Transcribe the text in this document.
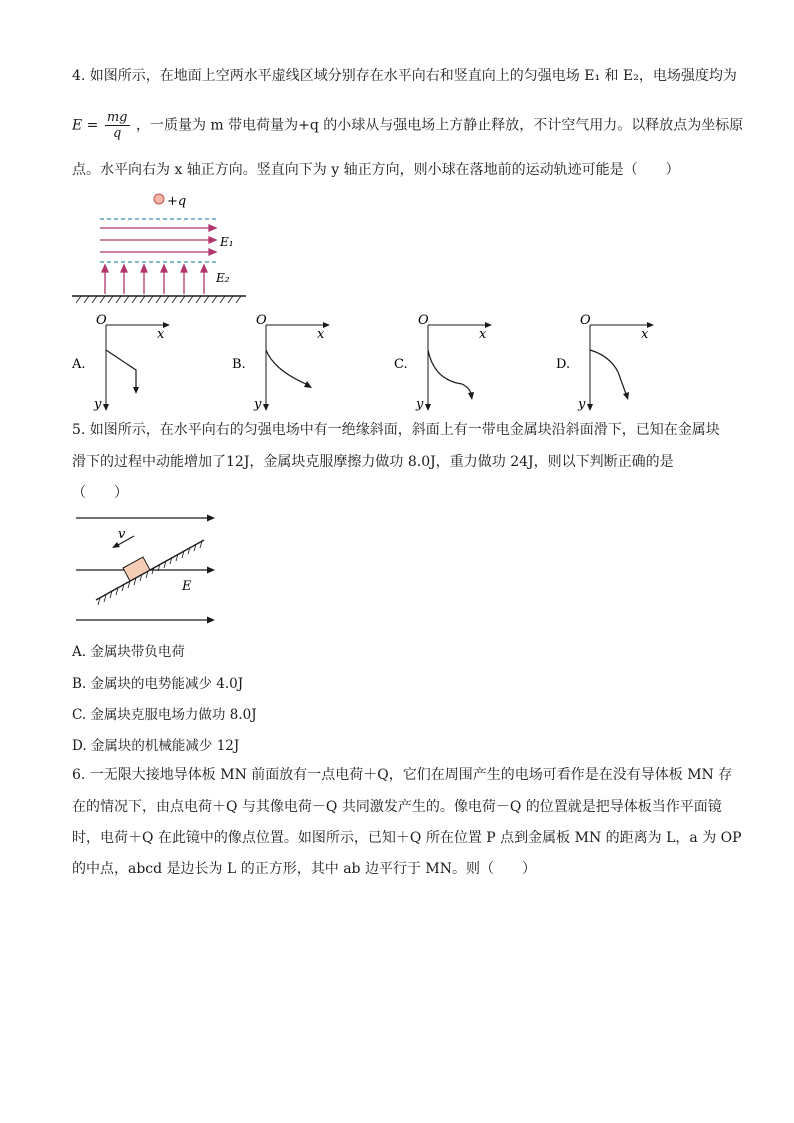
4. 如图所示，在地面上空两水平虚线区域分别存在水平向右和竖直向上的匀强电场 E₁ 和 E₂，电场强度均为
$E = \frac{mg}{q}$ ，一质量为 m 带电荷量为+q 的小球从与强电场上方静止释放，不计空气用力。以释放点为坐标原
点。水平向右为 x 轴正方向。竖直向下为 y 轴正方向，则小球在落地前的运动轨迹可能是（　　）
+q
E₁
E₂
O
x
y
A.
O
x
y
B.
O
x
y
C.
O
x
y
D.
5. 如图所示，在水平向右的匀强电场中有一绝缘斜面，斜面上有一带电金属块沿斜面滑下，已知在金属块
滑下的过程中动能增加了12J，金属块克服摩擦力做功 8.0J，重力做功 24J，则以下判断正确的是
（　　）
v
E
A. 金属块带负电荷
B. 金属块的电势能减少 4.0J
C. 金属块克服电场力做功 8.0J
D. 金属块的机械能减少 12J
6. 一无限大接地导体板 MN 前面放有一点电荷＋Q，它们在周围产生的电场可看作是在没有导体板 MN 存
在的情况下，由点电荷＋Q 与其像电荷－Q 共同激发产生的。像电荷－Q 的位置就是把导体板当作平面镜
时，电荷＋Q 在此镜中的像点位置。如图所示，已知＋Q 所在位置 P 点到金属板 MN 的距离为 L，a 为 OP
的中点，abcd 是边长为 L 的正方形，其中 ab 边平行于 MN。则（　　）
